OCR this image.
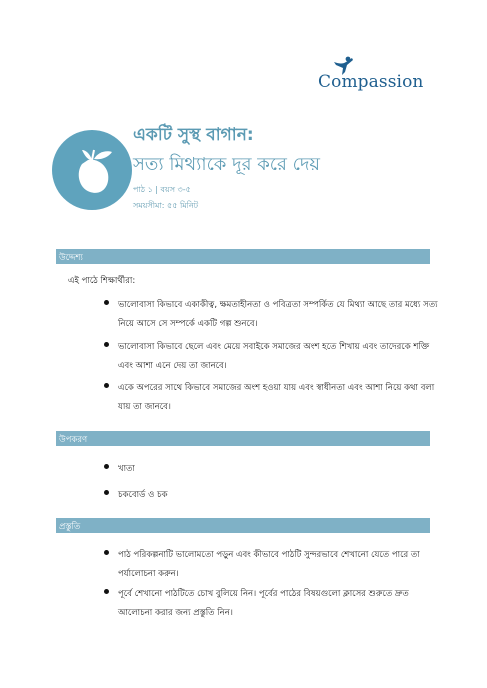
Compassion
একটি সুস্থ বাগান:
সত্য মিথ্যাকে দূর করে দেয়
পাঠ ১ | বয়স ৩-৫
সময়সীমা: ৫৫ মিনিট
উদ্দেশ্য
এই পাঠে শিক্ষার্থীরা:
ভালোবাসা কিভাবে একাকীত্ব, ক্ষমতাহীনতা ও পবিত্রতা সম্পর্কিত যে মিথ্যা আছে তার মধ্যে সত্য নিয়ে আসে সে সম্পর্কে একটি গল্প শুনবে।
ভালোবাসা কিভাবে ছেলে এবং মেয়ে সবাইকে সমাজের অংশ হতে শিখায় এবং তাদেরকে শক্তি এবং আশা এনে দেয় তা জানবে।
একে অপরের সাথে কিভাবে সমাজের অংশ হওয়া যায় এবং স্বাধীনতা এবং আশা নিয়ে কথা বলা যায় তা জানবে।
উপকরণ
খাতা
চকবোর্ড ও চক
প্রস্তুতি
পাঠ পরিকল্পনাটি ভালোমতো পড়ুন এবং কীভাবে পাঠটি সুন্দরভাবে শেখানো যেতে পারে তা পর্যালোচনা করুন।
পূর্বে শেখানো পাঠটিতে চোখ বুলিয়ে নিন। পূর্বের পাঠের বিষয়গুলো ক্লাসের শুরুতে দ্রুত আলোচনা করার জন্য প্রস্তুতি নিন।
